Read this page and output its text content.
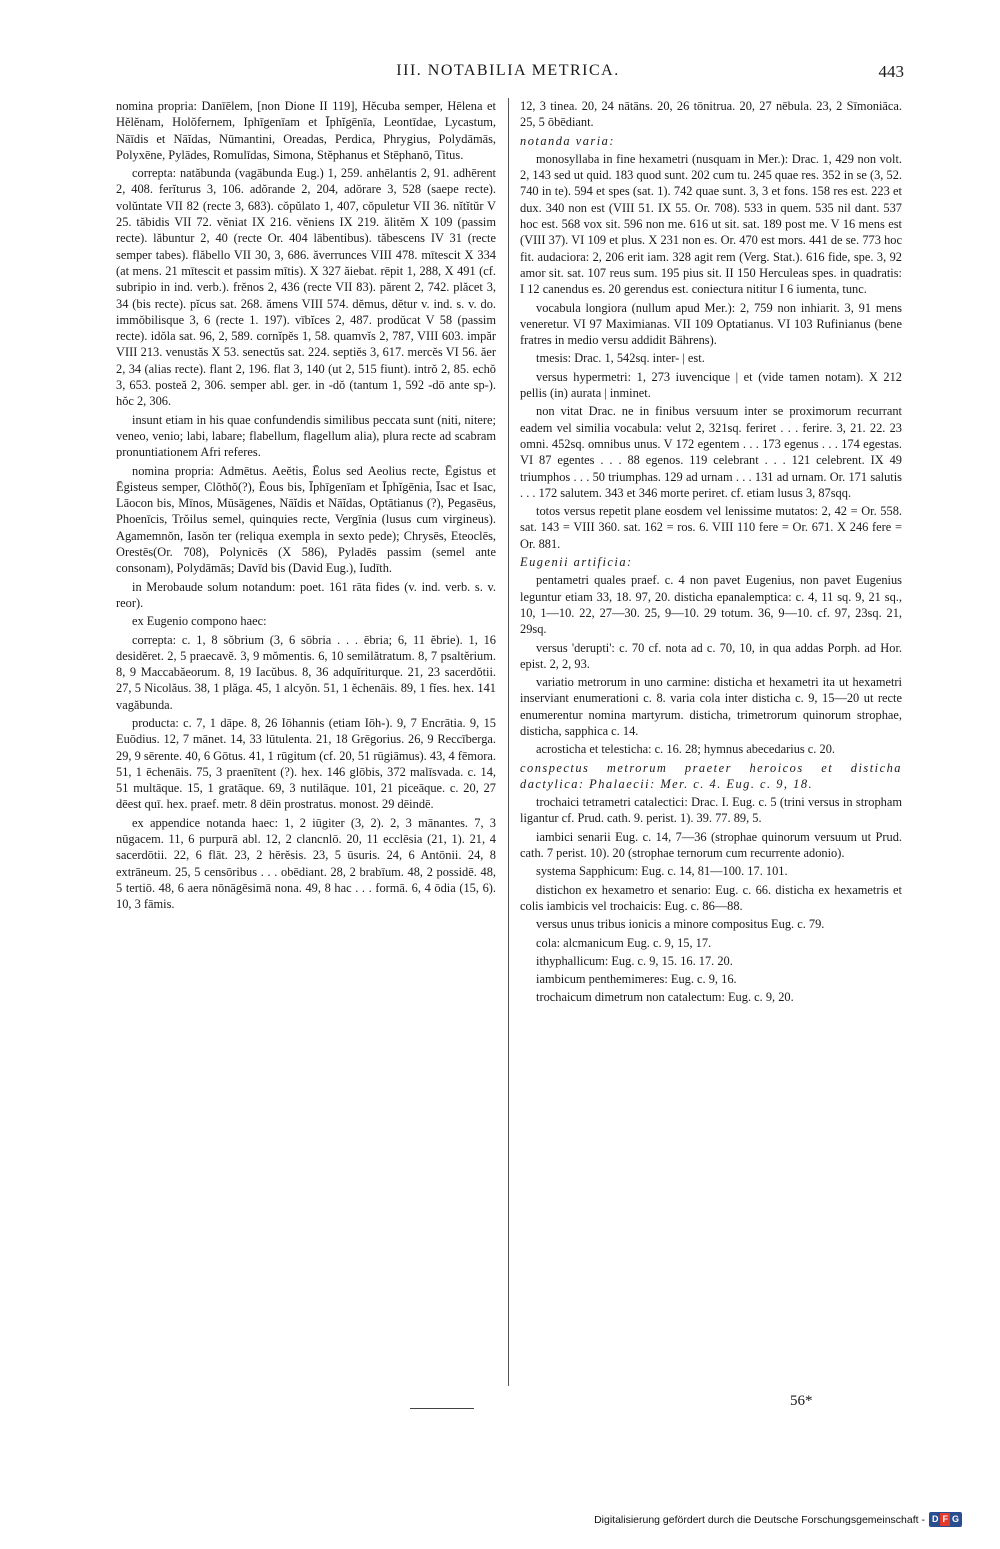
III. NOTABILIA METRICA.	443

nomina propria: Danīēlem, [non Dione II 119], Hĕcuba semper, Hēlena et Hĕlĕnam, Holŏfernem, Iphīgenīam et Īphĭgēnīa, Leontīdae, Lycastum, Nāīdis et Nāĭdas, Nūmantini, Oreadas, Perdica, Phrygius, Polydāmās, Polyxēne, Pylādes, Romulīdas, Simona, Stĕphanus et Stēphanō, Titus.

correpta: natăbunda (vagābunda Eug.) 1, 259. anhēlantis 2, 91. adhērent 2, 408. ferĭturus 3, 106. adŏrande 2, 204, adŏrare 3, 528 (saepe recte). volŭntate VII 82 (recte 3, 683). cŏpŭlato 1, 407, cŏpuletur VII 36. nĭtĭtŭr V 25. tăbidis VII 72. vĕniat IX 216. vĕniens IX 219. ălitĕm X 109 (passim recte). lăbuntur 2, 40 (recte Or. 404 lābentibus). tăbescens IV 31 (recte semper tabes). flăbello VII 30, 3, 686. ăverrunces VIII 478. mītescit X 334 (at mens. 21 mītescit et passim mītis). X 327 ăiebat. rēpit 1, 288, X 491 (cf. subripio in ind. verb.). frĕnos 2, 436 (recte VII 83). părent 2, 742. plăcet 3, 34 (bis recte). pĭcus sat. 268. ămens VIII 574. dĕmus, dĕtur v. ind. s. v. do. immŏbilisque 3, 6 (recte 1. 197). vībĭces 2, 487. prodŭcat V 58 (passim recte). idŏla sat. 96, 2, 589. cornĭpĕs 1, 58. quamvĭs 2, 787, VIII 603. impăr VIII 213. venustăs X 53. senectŭs sat. 224. septiĕs 3, 617. mercĕs VI 56. ăer 2, 34 (alias recte). flant 2, 196. flat 3, 140 (ut 2, 515 fiunt). intrŏ 2, 85. echŏ 3, 653. posteă 2, 306. semper abl. ger. in -dŏ (tantum 1, 592 -dō ante sp-). hŏc 2, 306.

insunt etiam in his quae confundendis similibus peccata sunt (niti, nitere; veneo, venio; labi, labare; flabellum, flagellum alia), plura recte ad scabram pronuntiationem Afri referes.

nomina propria: Admētus. Aeĕtis, Ēolus sed Aeolius recte, Ēgistus et Ēgisteus semper, Clŏthŏ(?), Ēous bis, Īphīgenīam et Īphĭgēnia, Īsac et Isac, Lāocon bis, Mīnos, Mūsāgenes, Nāĭdis et Nāĭdas, Optātianus (?), Pegasēus, Phoenīcis, Trŏilus semel, quinquies recte, Vergīnia (lusus cum virgineus). Agamemnŏn, Iasŏn ter (reliqua exempla in sexto pede); Chrysēs, Eteoclēs, Orestēs(Or. 708), Polynicēs (X 586), Pyladēs passim (semel ante consonam), Polydāmās; Davīd bis (David Eug.), Iudīth.

in Merobaude solum notandum: poet. 161 rāta fides (v. ind. verb. s. v. reor).

ex Eugenio compono haec:

correpta: c. 1, 8 sŏbrium (3, 6 sōbria . . . ēbria; 6, 11 ĕbrie). 1, 16 desidĕret. 2, 5 praecavĕ. 3, 9 mŏmentis. 6, 10 semilătratum. 8, 7 psaltĕrium. 8, 9 Maccabăeorum. 8, 19 Iacŭbus. 8, 36 adquĭriturque. 21, 23 sacerdŏtii. 27, 5 Nicolăus. 38, 1 plăga. 45, 1 alcyŏn. 51, 1 ĕchenāis. 89, 1 fĭes. hex. 141 vagăbunda.

producta: c. 7, 1 dāpe. 8, 26 Iōhannis (etiam Iōh-). 9, 7 Encrātia. 9, 15 Euōdius. 12, 7 mānet. 14, 33 lūtulenta. 21, 18 Grēgorius. 26, 9 Reccīberga. 29, 9 sērente. 40, 6 Gōtus. 41, 1 rūgitum (cf. 20, 51 rūgiāmus). 43, 4 fēmora. 51, 1 ēchenāis. 75, 3 praenītent (?). hex. 146 glōbis, 372 malīsvada. c. 14, 51 multāque. 15, 1 gratāque. 69, 3 nutilāque. 101, 21 piceāque. c. 20, 27 dēest quī. hex. praef. metr. 8 dēin prostratus. monost. 29 dēindē.

ex appendice notanda haec: 1, 2 iūgiter (3, 2). 2, 3 mānantes. 7, 3 nūgacem. 11, 6 purpurā abl. 12, 2 clancnlō. 20, 11 ecclēsia (21, 1). 21, 4 sacerdōtii. 22, 6 flāt. 23, 2 hērĕsis. 23, 5 ūsuris. 24, 6 Antōnii. 24, 8 extrāneum. 25, 5 censōribus . . . obēdiant. 28, 2 brabīum. 48, 2 possidē. 48, 5 tertiō. 48, 6 aera nōnāgēsimā nona. 49, 8 hac . . . formā. 6, 4 ōdia (15, 6). 10, 3 fāmis.

12, 3 tinea. 20, 24 nātāns. 20, 26 tōnitrua. 20, 27 nēbula. 23, 2 Sīmoniāca. 25, 5 ōbēdiant.

notanda varia:

monosyllaba in fine hexametri (nusquam in Mer.): Drac. 1, 429 non volt. 2, 143 sed ut quid. 183 quod sunt. 202 cum tu. 245 quae res. 352 in se (3, 52. 740 in te). 594 et spes (sat. 1). 742 quae sunt. 3, 3 et fons. 158 res est. 223 et dux. 340 non est (VIII 51. IX 55. Or. 708). 533 in quem. 535 nil dant. 537 hoc est. 568 vox sit. 596 non me. 616 ut sit. sat. 189 post me. V 16 mens est (VIII 37). VI 109 et plus. X 231 non es. Or. 470 est mors. 441 de se. 773 hoc fit. audaciora: 2, 206 erit iam. 328 agit rem (Verg. Stat.). 616 fide, spe. 3, 92 amor sit. sat. 107 reus sum. 195 pius sit. II 150 Herculeas spes. in quadratis: I 12 canendus es. 20 gerendus est. coniectura nititur I 6 iumenta, tunc.

vocabula longiora (nullum apud Mer.): 2, 759 non inhiarit. 3, 91 mens veneretur. VI 97 Maximianas. VII 109 Optatianus. VI 103 Rufinianus (bene fratres in medio versu addidit Bährens).

tmesis: Drac. 1, 542sq. inter- | est.

versus hypermetri: 1, 273 iuvencique | et (vide tamen notam). X 212 pellis (in) aurata | inminet.

non vitat Drac. ne in finibus versuum inter se proximorum recurrant eadem vel similia vocabula: velut 2, 321sq. feriret . . . ferire. 3, 21. 22. 23 omni. 452sq. omnibus unus. V 172 egentem . . . 173 egenus . . . 174 egestas. VI 87 egentes . . . 88 egenos. 119 celebrant . . . 121 celebrent. IX 49 triumphos . . . 50 triumphas. 129 ad urnam . . . 131 ad urnam. Or. 171 salutis . . . 172 salutem. 343 et 346 morte periret. cf. etiam lusus 3, 87sqq.

totos versus repetit plane eosdem vel lenissime mutatos: 2, 42 = Or. 558. sat. 143 = VIII 360. sat. 162 = ros. 6. VIII 110 fere = Or. 671. X 246 fere = Or. 881.

Eugenii artificia:

pentametri quales praef. c. 4 non pavet Eugenius, non pavet Eugenius leguntur etiam 33, 18. 97, 20. disticha epanalemptica: c. 4, 11 sq. 9, 21 sq., 10, 1—10. 22, 27—30. 25, 9—10. 29 totum. 36, 9—10. cf. 97, 23sq. 21, 29sq.

versus 'derupti': c. 70 cf. nota ad c. 70, 10, in qua addas Porph. ad Hor. epist. 2, 2, 93.

variatio metrorum in uno carmine: disticha et hexametri ita ut hexametri inserviant enumerationi c. 8. varia cola inter disticha c. 9, 15—20 ut recte enumerentur nomina martyrum. disticha, trimetrorum quinorum strophae, disticha, sapphica c. 14.

acrosticha et telesticha: c. 16. 28; hymnus abecedarius c. 20.

conspectus metrorum praeter heroicos et disticha dactylica: Phalaecii: Mer. c. 4. Eug. c. 9, 18.

trochaici tetrametri catalectici: Drac. I. Eug. c. 5 (trini versus in stropham ligantur cf. Prud. cath. 9. perist. 1). 39. 77. 89, 5.

iambici senarii Eug. c. 14, 7—36 (strophae quinorum versuum ut Prud. cath. 7 perist. 10). 20 (strophae ternorum cum recurrente adonio).

systema Sapphicum: Eug. c. 14, 81—100. 17. 101.

distichon ex hexametro et senario: Eug. c. 66. disticha ex hexametris et colis iambicis vel trochaicis: Eug. c. 86—88.

versus unus tribus ionicis a minore compositus Eug. c. 79.

cola: alcmanicum Eug. c. 9, 15, 17.

ithyphallicum: Eug. c. 9, 15. 16. 17. 20.

iambicum penthemimeres: Eug. c. 9, 16.

trochaicum dimetrum non catalectum: Eug. c. 9, 20.

56*
Digitalisierung gefördert durch die Deutsche Forschungsgemeinschaft - D F G
